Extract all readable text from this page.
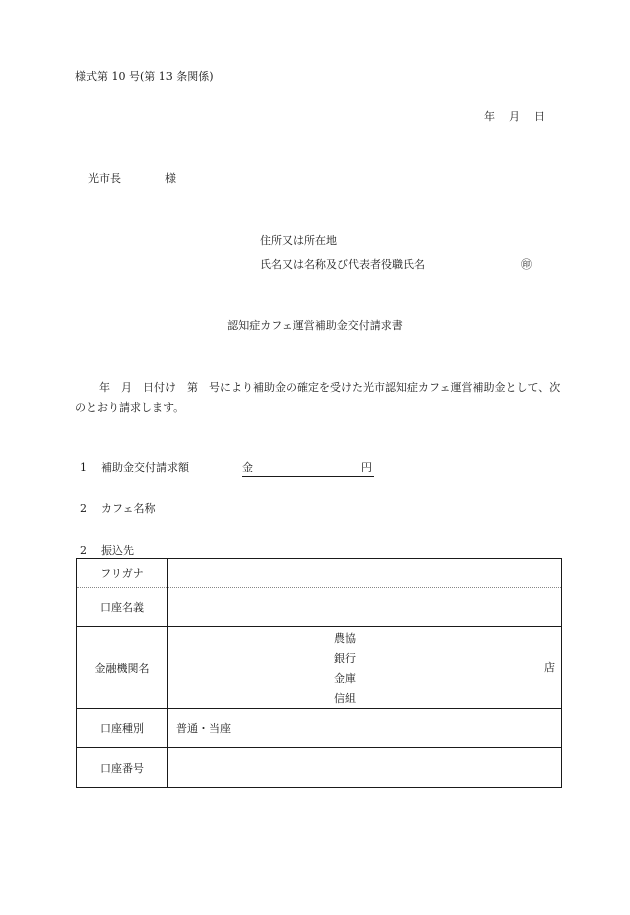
様式第 10 号(第 13 条関係)
年 月 日
光市長　　　　様
住所又は所在地
氏名又は名称及び代表者役職氏名	㊞
認知症カフェ運営補助金交付請求書
年　月　日付け　第　号により補助金の確定を受けた光市認知症カフェ運営補助金として、次のとおり請求します。
1 補助金交付請求額	金	円
2 カフェ名称
2 振込先
フリガナ	
口座名義	
金融機関名	農協
銀行
金庫
信組
店

口座種別	普通・当座
口座番号	
